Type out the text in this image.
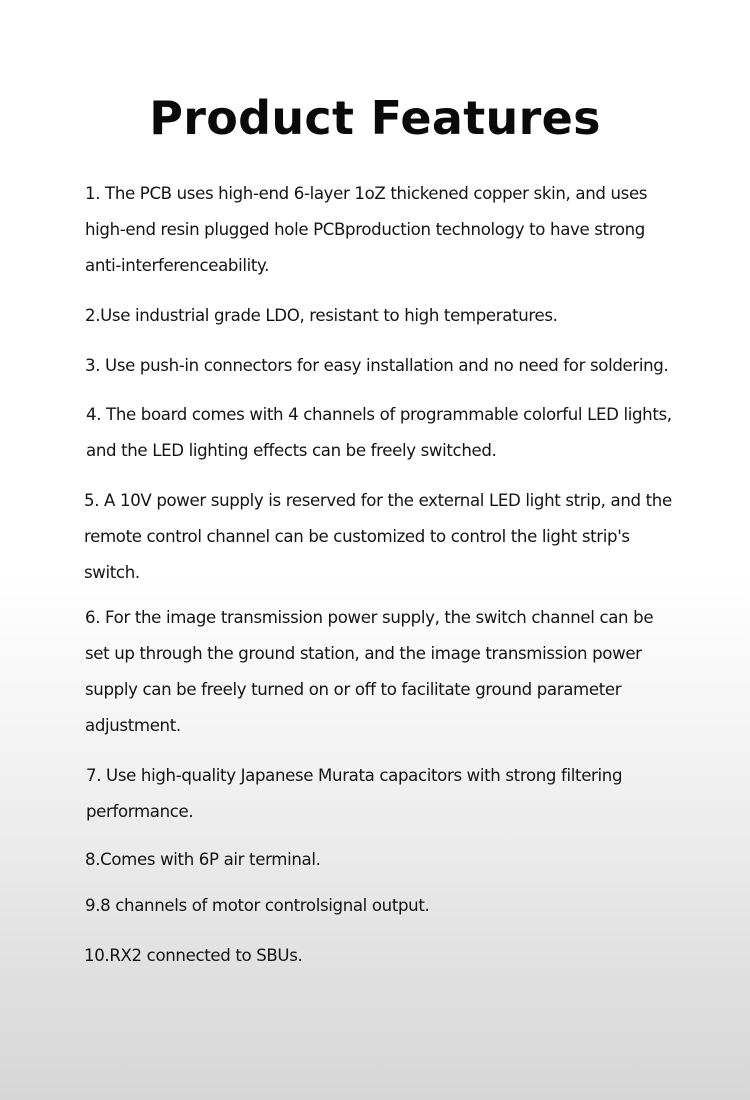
Product Features

1. The PCB uses high-end 6-layer 1oZ thickened copper skin, and uses
high-end resin plugged hole PCBproduction technology to have strong
anti-interferenceability.

2.Use industrial grade LDO, resistant to high temperatures.

3. Use push-in connectors for easy installation and no need for soldering.

4. The board comes with 4 channels of programmable colorful LED lights,
and the LED lighting effects can be freely switched.

5. A 10V power supply is reserved for the external LED light strip, and the
remote control channel can be customized to control the light strip's
switch.

6. For the image transmission power supply, the switch channel can be
set up through the ground station, and the image transmission power
supply can be freely turned on or off to facilitate ground parameter
adjustment.

7. Use high-quality Japanese Murata capacitors with strong filtering
performance.

8.Comes with 6P air terminal.

9.8 channels of motor controlsignal output.

10.RX2 connected to SBUs.
